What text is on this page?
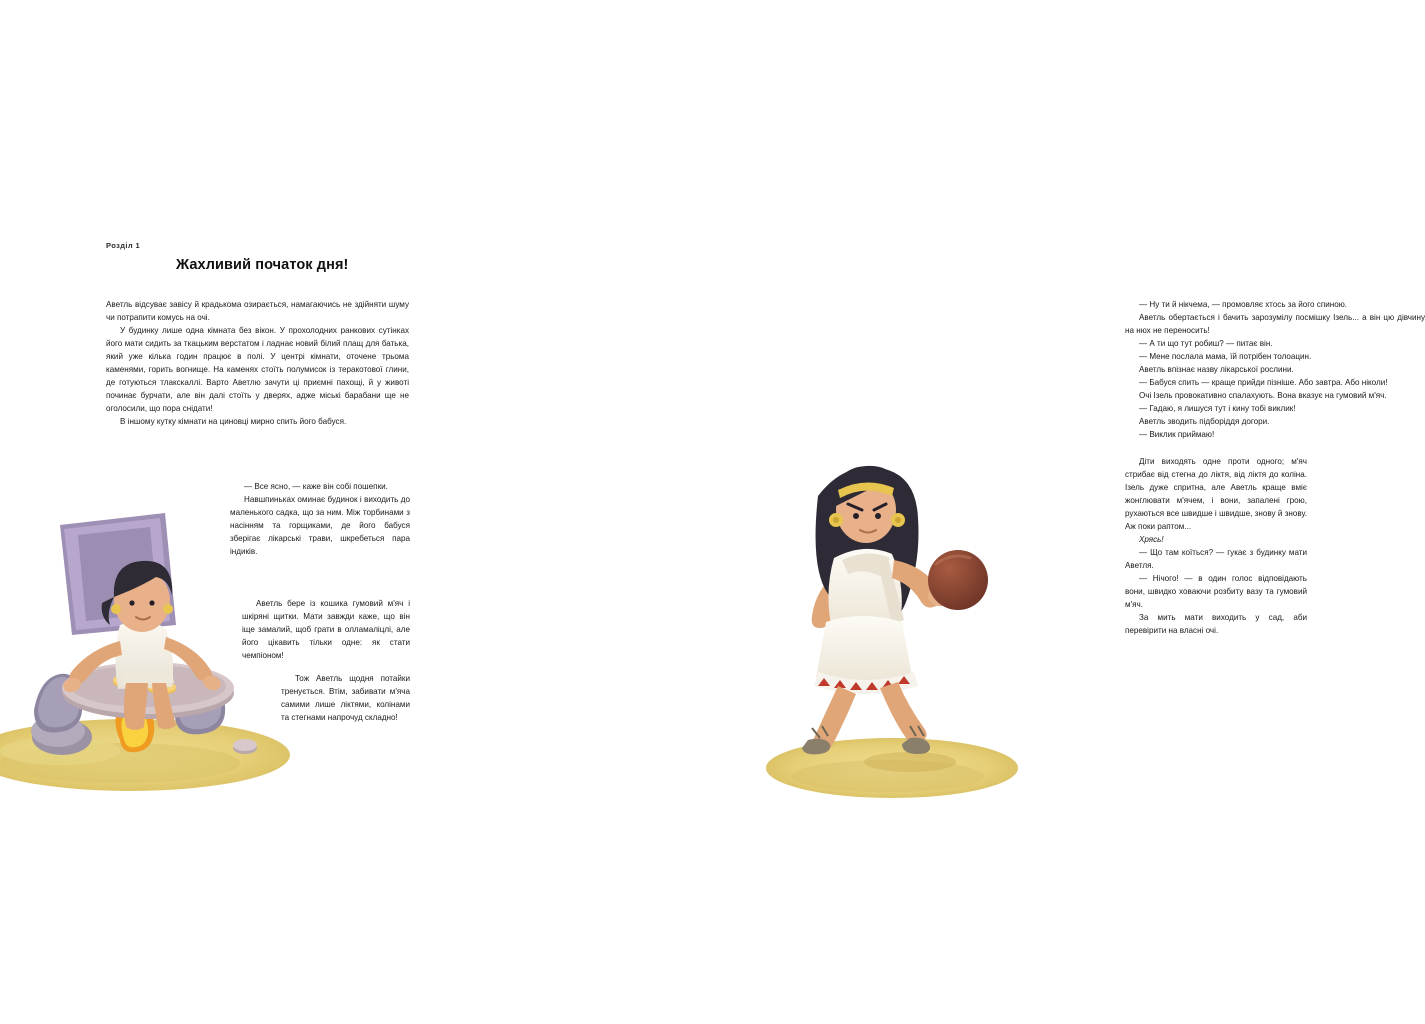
Розділ 1
Жахливий початок дня!

Аветль відсуває завісу й крадькома озирається, намагаючись не здійняти шуму чи потрапити комусь на очі.

У будинку лише одна кімната без вікон. У прохолодних ранкових сутінках його мати сидить за ткацьким верстатом і ладнає новий білий плащ для батька, який уже кілька годин працює в полі. У центрі кімнати, оточене трьома каменями, горить вогнище. На каменях стоїть полумисок із теракотової глини, де готуються тлакскаллі. Варто Аветлю зачути ці приємні пахощі, й у животі починає бурчати, але він далі стоїть у дверях, адже міські барабани ще не оголосили, що пора снідати!

В іншому кутку кімнати на циновці мирно спить його бабуся.

— Все ясно, — каже він собі пошепки.

Навшпиньках оминає будинок і виходить до маленького садка, що за ним. Між торбинами з насінням та горщиками, де його бабуся зберігає лікарські трави, шкребеться пара індиків.

Аветль бере із кошика гумовий м'яч і шкіряні щитки. Мати завжди каже, що він іще замалий, щоб грати в олламаліцлі, але його цікавить тільки одне: як стати чемпіоном!

Тож Аветль щодня потайки тренується. Втім, забивати м'яча самими лише ліктями, колінами та стегнами напрочуд складно!

— Ну ти й нікчема, — промовляє хтось за його спиною.

Аветль обертається і бачить зарозумілу посмішку Ізель... а він цю дівчину на нюх не переносить!

— А ти що тут робиш? — питає він.

— Мене послала мама, їй потрібен толоацин.

Аветль впізнає назву лікарської рослини.

— Бабуся спить — краще прийди пізніше. Або завтра. Або ніколи!

Очі Ізель провокативно спалахують. Вона вказує на гумовий м'яч.

— Гадаю, я лишуся тут і кину тобі виклик!

Аветль зводить підборіддя догори.

— Виклик приймаю!

Діти виходять одне проти одного; м'яч стрибає від стегна до ліктя, від ліктя до коліна. Ізель дуже спритна, але Аветль краще вміє жонглювати м'ячем, і вони, запалені грою, рухаються все швидше і швидше, знову й знову. Аж поки раптом...

Хрясь!

— Що там коїться? — гукає з будинку мати Аветля.

— Нічого! — в один голос відповідають вони, швидко ховаючи розбиту вазу та гумовий м'яч.

За мить мати виходить у сад, аби перевірити на власні очі.
